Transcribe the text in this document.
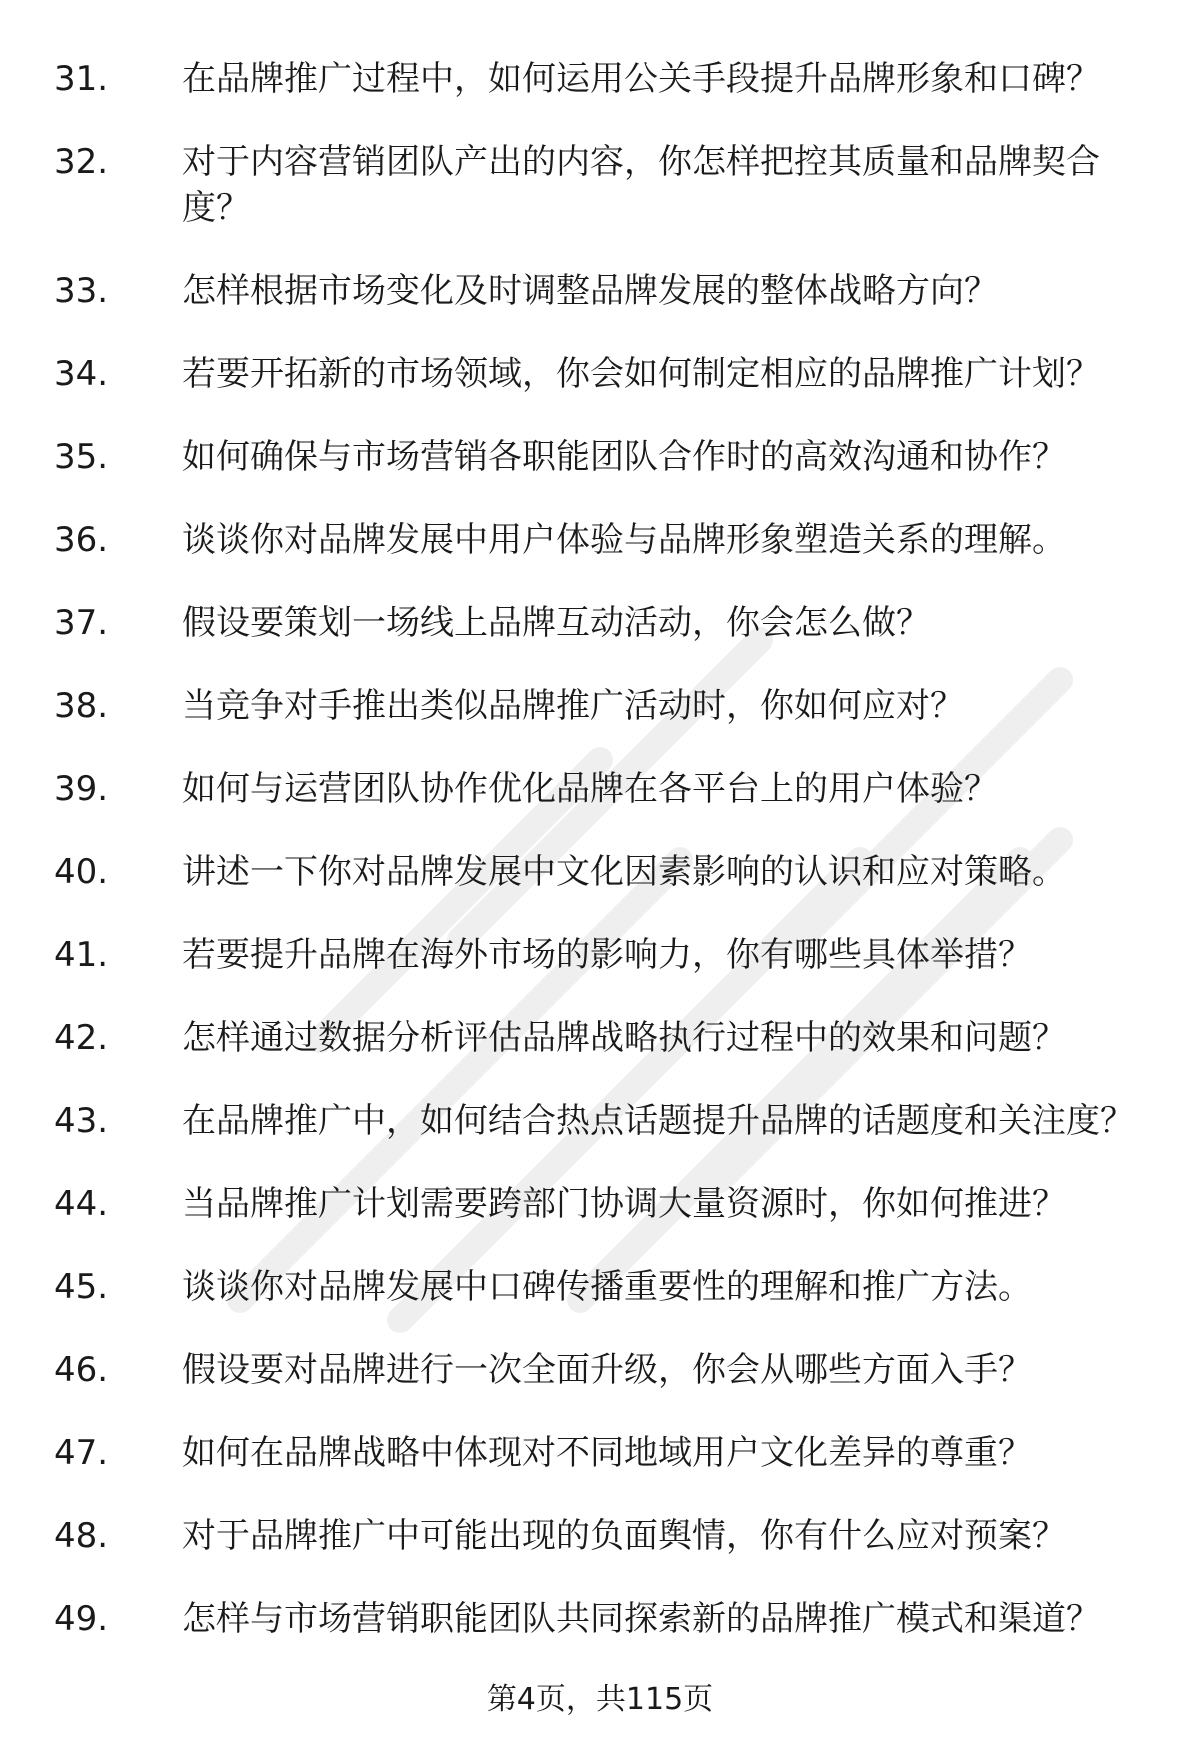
31.	在品牌推广过程中，如何运用公关手段提升品牌形象和口碑？
32.	对于内容营销团队产出的内容，你怎样把控其质量和品牌契合度？
33.	怎样根据市场变化及时调整品牌发展的整体战略方向？
34.	若要开拓新的市场领域，你会如何制定相应的品牌推广计划？
35.	如何确保与市场营销各职能团队合作时的高效沟通和协作？
36.	谈谈你对品牌发展中用户体验与品牌形象塑造关系的理解。
37.	假设要策划一场线上品牌互动活动，你会怎么做？
38.	当竞争对手推出类似品牌推广活动时，你如何应对？
39.	如何与运营团队协作优化品牌在各平台上的用户体验？
40.	讲述一下你对品牌发展中文化因素影响的认识和应对策略。
41.	若要提升品牌在海外市场的影响力，你有哪些具体举措？
42.	怎样通过数据分析评估品牌战略执行过程中的效果和问题？
43.	在品牌推广中，如何结合热点话题提升品牌的话题度和关注度？
44.	当品牌推广计划需要跨部门协调大量资源时，你如何推进？
45.	谈谈你对品牌发展中口碑传播重要性的理解和推广方法。
46.	假设要对品牌进行一次全面升级，你会从哪些方面入手？
47.	如何在品牌战略中体现对不同地域用户文化差异的尊重？
48.	对于品牌推广中可能出现的负面舆情，你有什么应对预案？
49.	怎样与市场营销职能团队共同探索新的品牌推广模式和渠道？
第4页，共115页
